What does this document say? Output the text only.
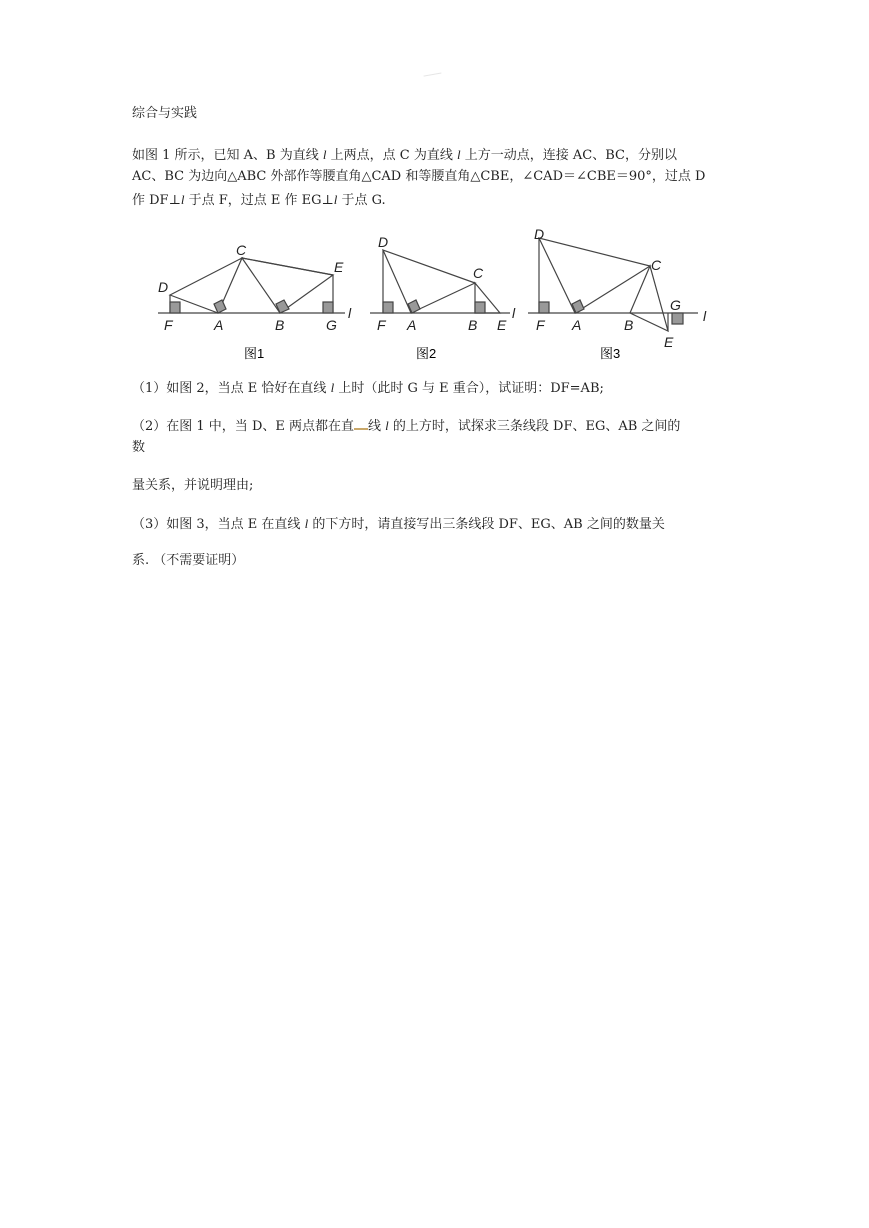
综合与实践
如图 1 所示，已知 A、B 为直线 l 上两点，点 C 为直线 l 上方一动点，连接 AC、BC，分别以
AC、BC 为边向△ABC 外部作等腰直角△CAD 和等腰直角△CBE，∠CAD＝∠CBE＝90°，过点 D
作 DF⊥l 于点 F，过点 E 作 EG⊥l 于点 G.
D
C
E
F	A	B	G
l
图1
D
C
F A	B E
l
图2
D
C
G
F A	B
E
l
图3
（1）如图 2，当点 E 恰好在直线 l 上时（此时 G 与 E 重合），试证明：DF=AB;
（2）在图 1 中，当 D、E 两点都在直 线 l 的上方时，试探求三条线段 DF、EG、AB 之间的
数
量关系，并说明理由;
（3）如图 3，当点 E 在直线 l 的下方时，请直接写出三条线段 DF、EG、AB 之间的数量关
系. （不需要证明）
